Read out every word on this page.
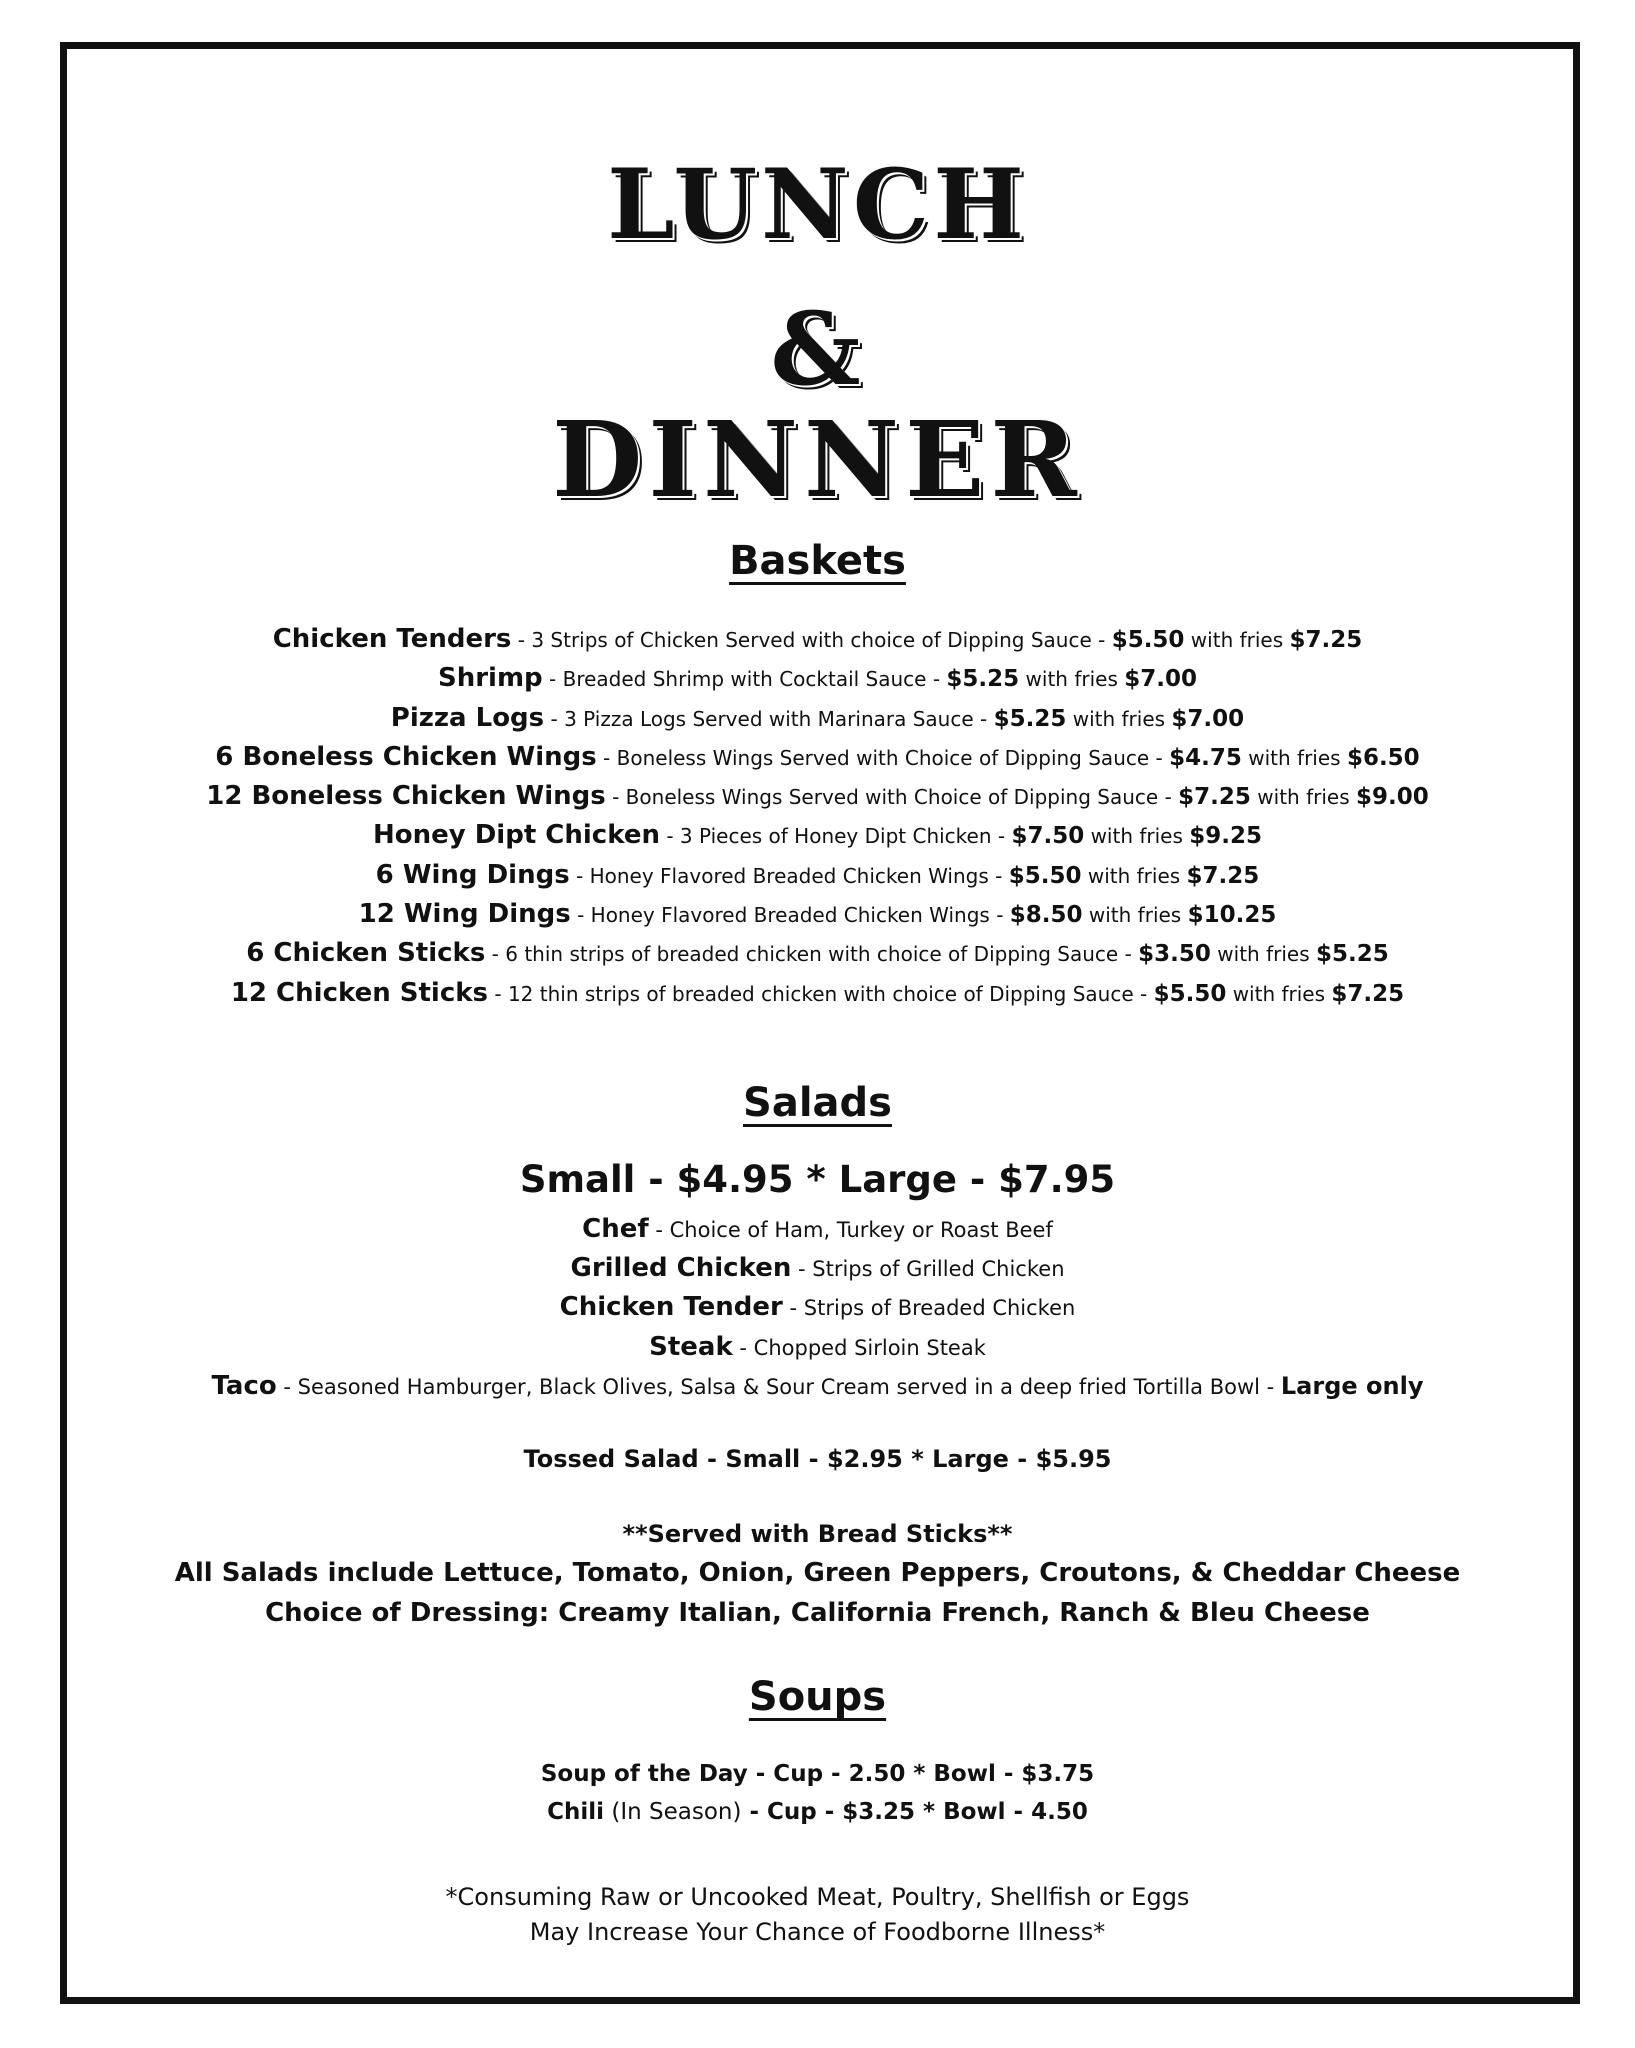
LUNCH
&
DINNER
Baskets
Chicken Tenders - 3 Strips of Chicken Served with choice of Dipping Sauce - $5.50 with fries $7.25
Shrimp - Breaded Shrimp with Cocktail Sauce - $5.25 with fries $7.00
Pizza Logs - 3 Pizza Logs Served with Marinara Sauce - $5.25 with fries $7.00
6 Boneless Chicken Wings - Boneless Wings Served with Choice of Dipping Sauce - $4.75 with fries $6.50
12 Boneless Chicken Wings - Boneless Wings Served with Choice of Dipping Sauce - $7.25 with fries $9.00
Honey Dipt Chicken - 3 Pieces of Honey Dipt Chicken - $7.50 with fries $9.25
6 Wing Dings - Honey Flavored Breaded Chicken Wings - $5.50 with fries $7.25
12 Wing Dings - Honey Flavored Breaded Chicken Wings - $8.50 with fries $10.25
6 Chicken Sticks - 6 thin strips of breaded chicken with choice of Dipping Sauce - $3.50 with fries $5.25
12 Chicken Sticks - 12 thin strips of breaded chicken with choice of Dipping Sauce - $5.50 with fries $7.25
Salads
Small - $4.95 * Large - $7.95
Chef - Choice of Ham, Turkey or Roast Beef
Grilled Chicken - Strips of Grilled Chicken
Chicken Tender - Strips of Breaded Chicken
Steak - Chopped Sirloin Steak
Taco - Seasoned Hamburger, Black Olives, Salsa & Sour Cream served in a deep fried Tortilla Bowl - Large only
Tossed Salad - Small - $2.95 * Large - $5.95
**Served with Bread Sticks**
All Salads include Lettuce, Tomato, Onion, Green Peppers, Croutons, & Cheddar Cheese
Choice of Dressing: Creamy Italian, California French, Ranch & Bleu Cheese
Soups
Soup of the Day - Cup - 2.50 * Bowl - $3.75
Chili (In Season) - Cup - $3.25 * Bowl - 4.50
*Consuming Raw or Uncooked Meat, Poultry, Shellfish or Eggs
May Increase Your Chance of Foodborne Illness*
